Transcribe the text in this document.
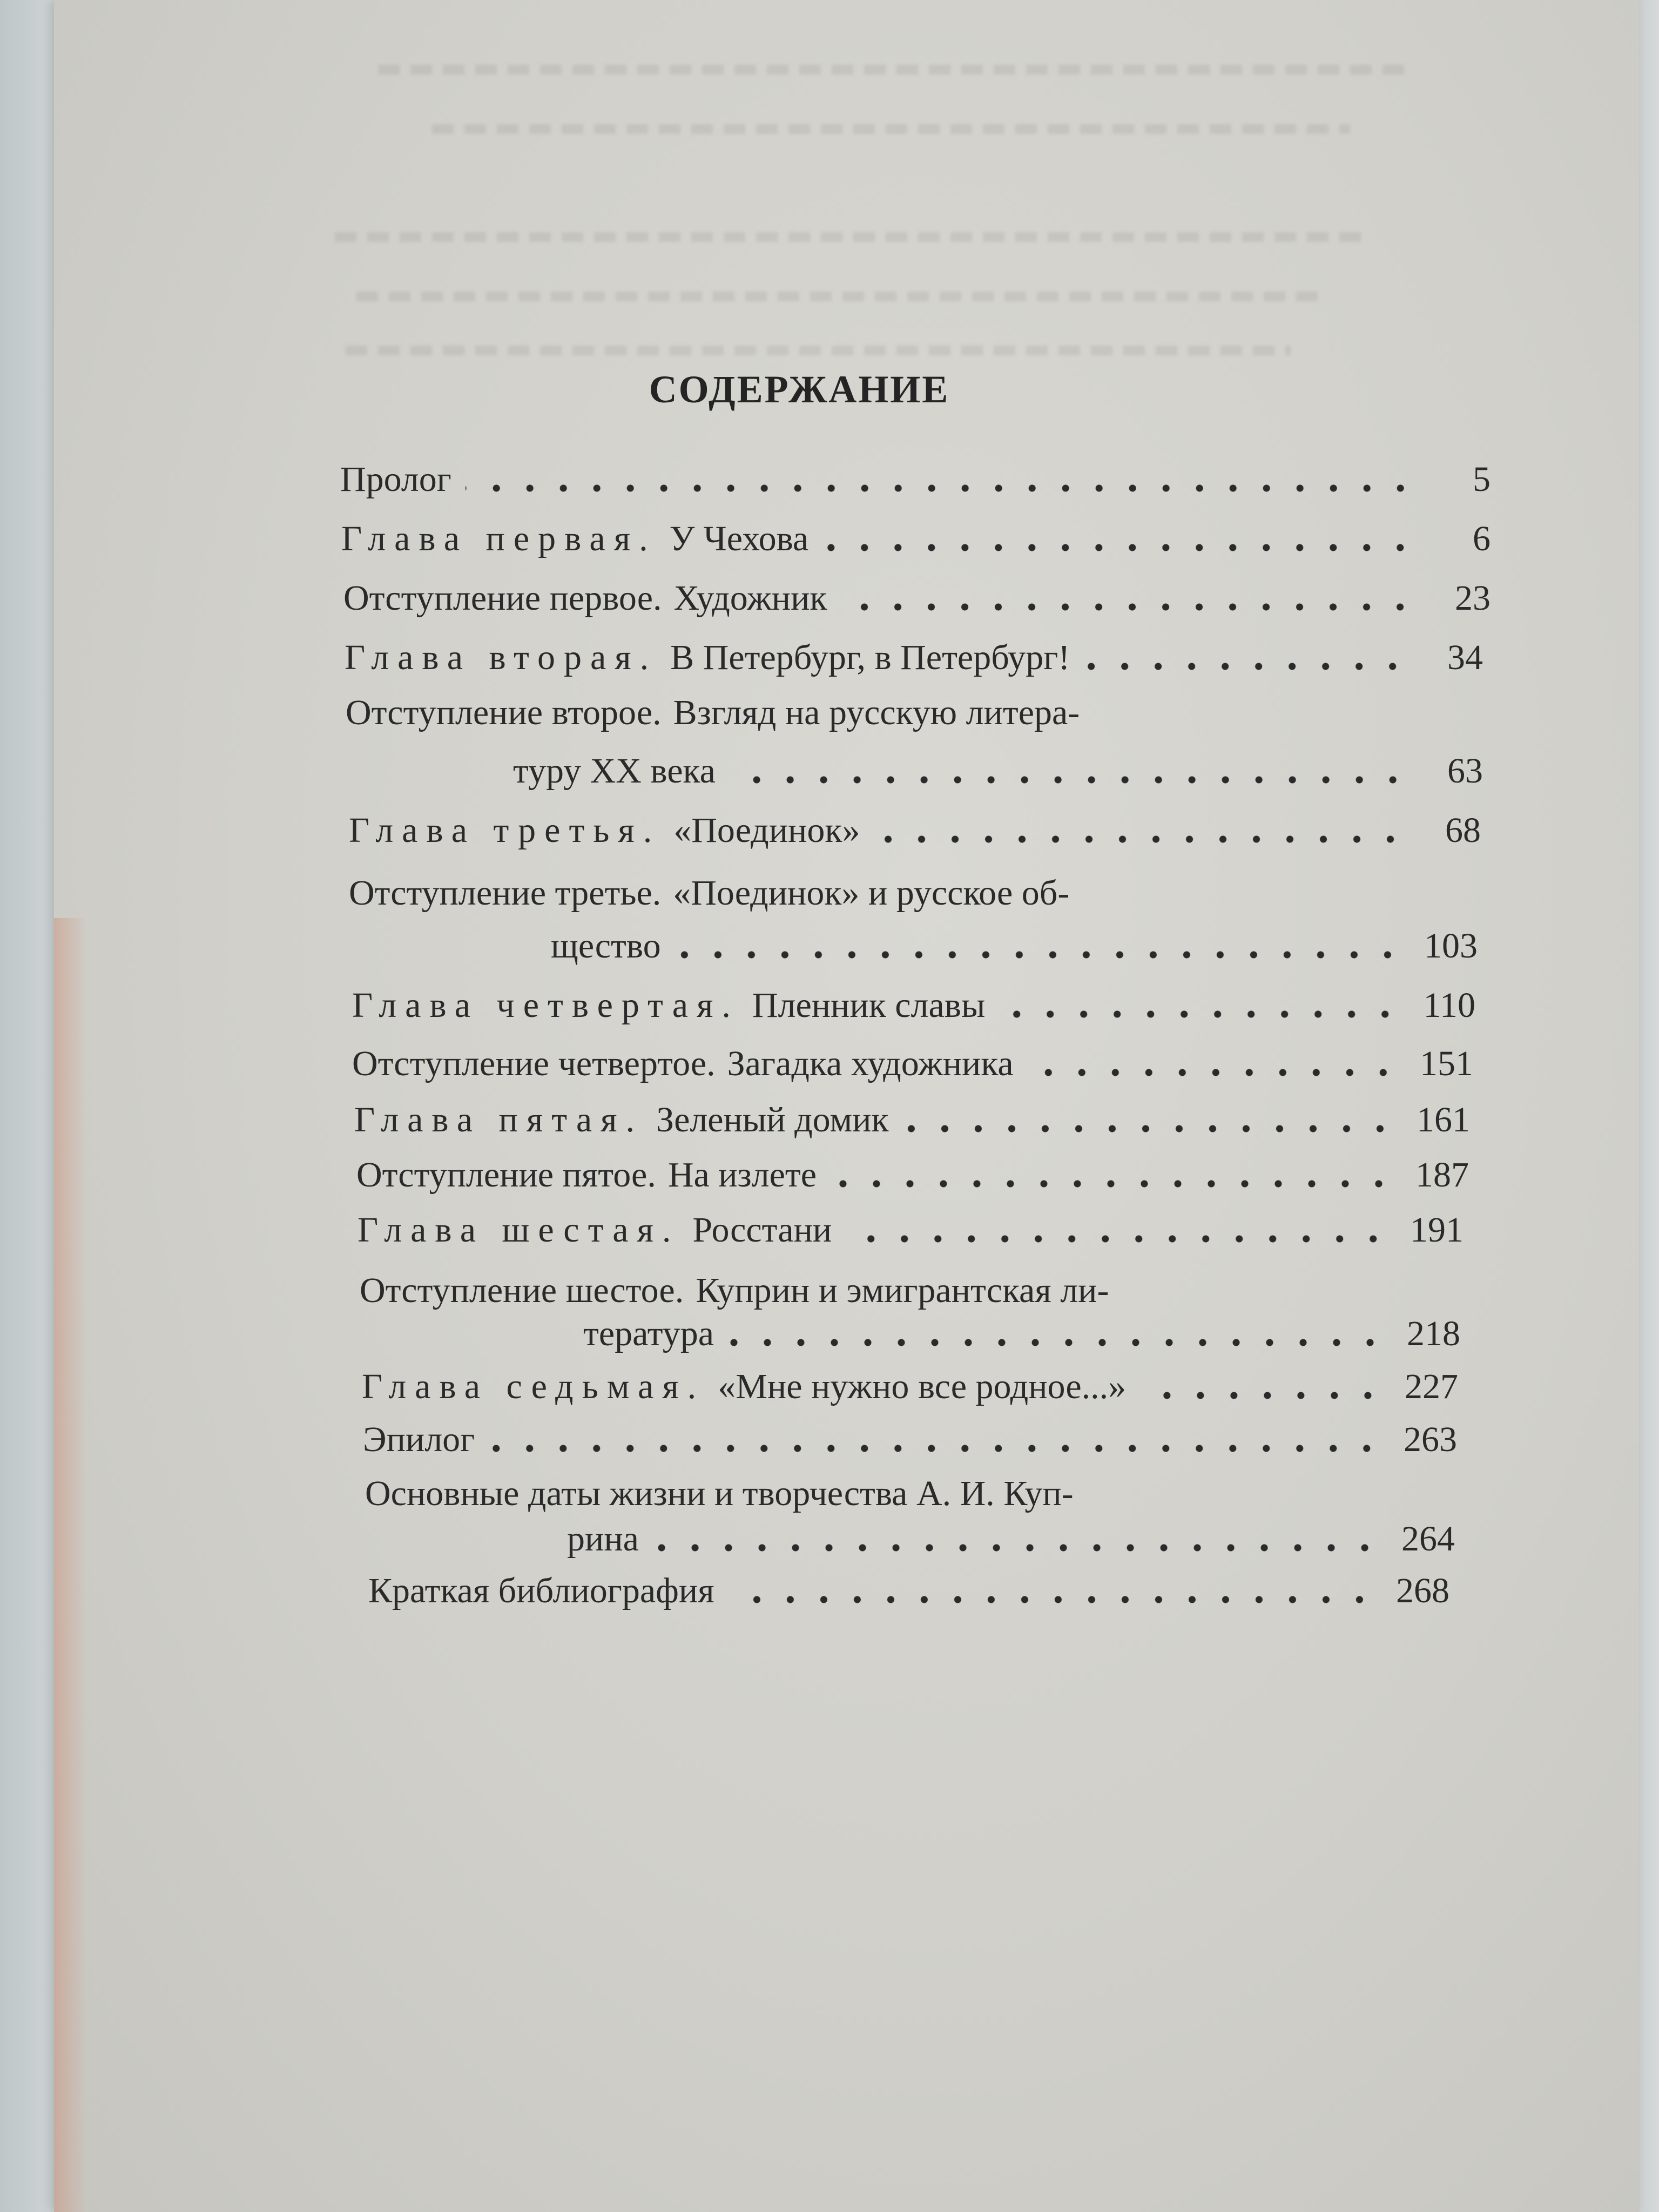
СОДЕРЖАНИЕ
Пролог	5
Глава первая. У Чехова	6
Отступление первое. Художник	23
Глава вторая. В Петербург, в Петербург!	34
Отступление второе. Взгляд на русскую литера-
туру XX века	63
Глава третья. «Поединок»	68
Отступление третье. «Поединок» и русское об-
щество	103
Глава четвертая. Пленник славы	110
Отступление четвертое. Загадка художника	151
Глава пятая. Зеленый домик	161
Отступление пятое. На излете	187
Глава шестая. Росстани	191
Отступление шестое. Куприн и эмигрантская ли-
тература	218
Глава седьмая. «Мне нужно все родное...»	227
Эпилог	263
Основные даты жизни и творчества А. И. Куп-
рина	264
Краткая библиография	268
